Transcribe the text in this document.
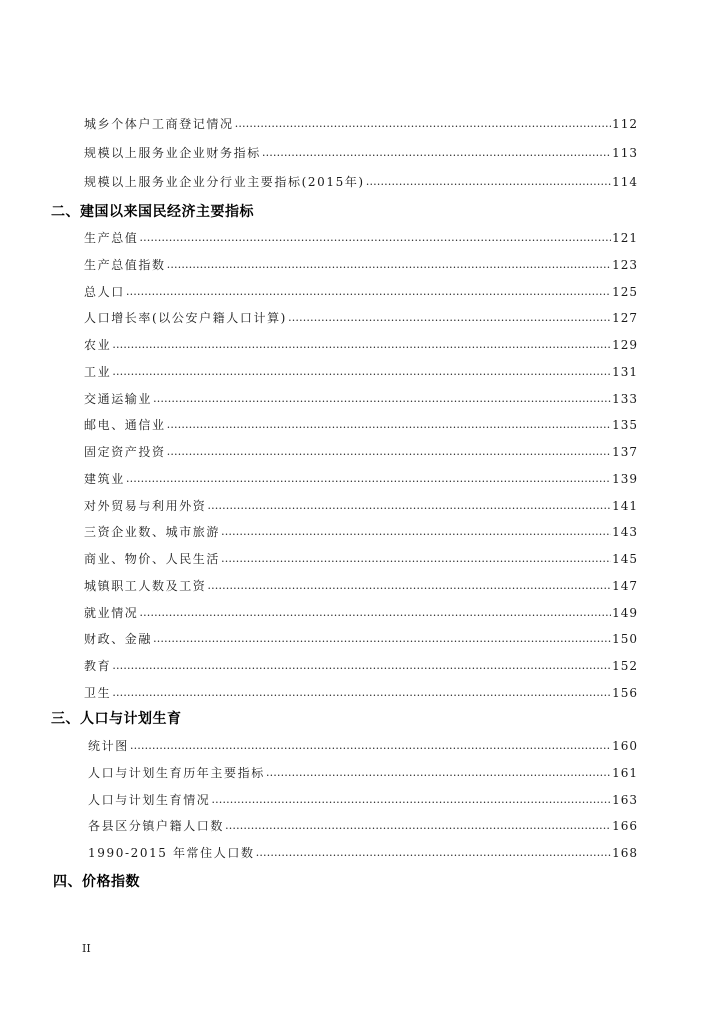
城乡个体户工商登记情况 …………………………………………………………………………………………………………………………………………………………………………………………………………	112
规模以上服务业企业财务指标 …………………………………………………………………………………………………………………………………………………………………………………………………………	113
规模以上服务业企业分行业主要指标(2015年) …………………………………………………………………………………………………………………………………………………………………………………………………………	114
二、建国以来国民经济主要指标
生产总值 …………………………………………………………………………………………………………………………………………………………………………………………………………	121
生产总值指数 …………………………………………………………………………………………………………………………………………………………………………………………………………	123
总人口 …………………………………………………………………………………………………………………………………………………………………………………………………………	125
人口增长率(以公安户籍人口计算) …………………………………………………………………………………………………………………………………………………………………………………………………………	127
农业 …………………………………………………………………………………………………………………………………………………………………………………………………………	129
工业 …………………………………………………………………………………………………………………………………………………………………………………………………………	131
交通运输业 …………………………………………………………………………………………………………………………………………………………………………………………………………	133
邮电、通信业 …………………………………………………………………………………………………………………………………………………………………………………………………………	135
固定资产投资 …………………………………………………………………………………………………………………………………………………………………………………………………………	137
建筑业 …………………………………………………………………………………………………………………………………………………………………………………………………………	139
对外贸易与利用外资 …………………………………………………………………………………………………………………………………………………………………………………………………………	141
三资企业数、城市旅游 …………………………………………………………………………………………………………………………………………………………………………………………………………	143
商业、物价、人民生活 …………………………………………………………………………………………………………………………………………………………………………………………………………	145
城镇职工人数及工资 …………………………………………………………………………………………………………………………………………………………………………………………………………	147
就业情况 …………………………………………………………………………………………………………………………………………………………………………………………………………	149
财政、金融 …………………………………………………………………………………………………………………………………………………………………………………………………………	150
教育 …………………………………………………………………………………………………………………………………………………………………………………………………………	152
卫生 …………………………………………………………………………………………………………………………………………………………………………………………………………	156
三、人口与计划生育
统计图 …………………………………………………………………………………………………………………………………………………………………………………………………………	160
人口与计划生育历年主要指标 …………………………………………………………………………………………………………………………………………………………………………………………………………	161
人口与计划生育情况 …………………………………………………………………………………………………………………………………………………………………………………………………………	163
各县区分镇户籍人口数 …………………………………………………………………………………………………………………………………………………………………………………………………………	166
1990-2015 年常住人口数 …………………………………………………………………………………………………………………………………………………………………………………………………………	168
四、价格指数
II
